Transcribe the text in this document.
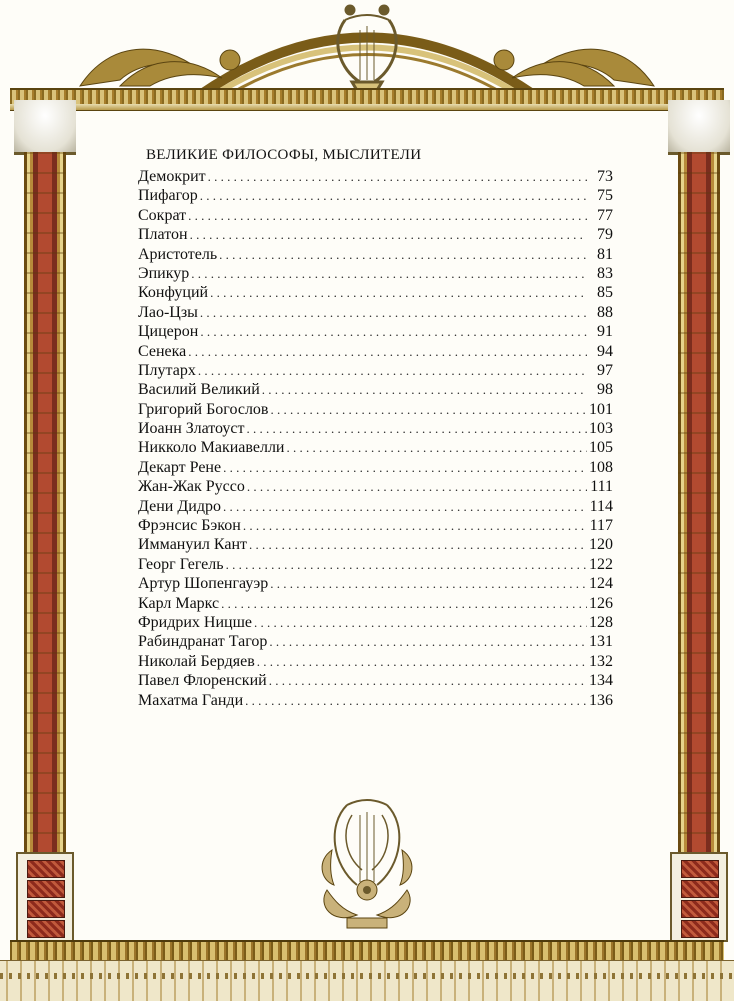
ВЕЛИКИЕ ФИЛОСОФЫ, МЫСЛИТЕЛИ
Демокрит . . .	73
Пифагор . . .	75
Сократ . . .	77
Платон . . .	79
Аристотель . . .	81
Эпикур . . .	83
Конфуций . . .	85
Лао-Цзы . . .	88
Цицерон . . .	91
Сенека . . .	94
Плутарх . . .	97
Василий Великий . . .	98
Григорий Богослов . . .	101
Иоанн Златоуст . . .	103
Никколо Макиавелли . . .	105
Декарт Рене . . .	108
Жан-Жак Руссо . . .	111
Дени Дидро . . .	114
Фрэнсис Бэкон . . .	117
Иммануил Кант . . .	120
Георг Гегель . . .	122
Артур Шопенгауэр . . .	124
Карл Маркс . . .	126
Фридрих Ницше . . .	128
Рабиндранат Тагор . . .	131
Николай Бердяев . . .	132
Павел Флоренский . . .	134
Махатма Ганди . . .	136
